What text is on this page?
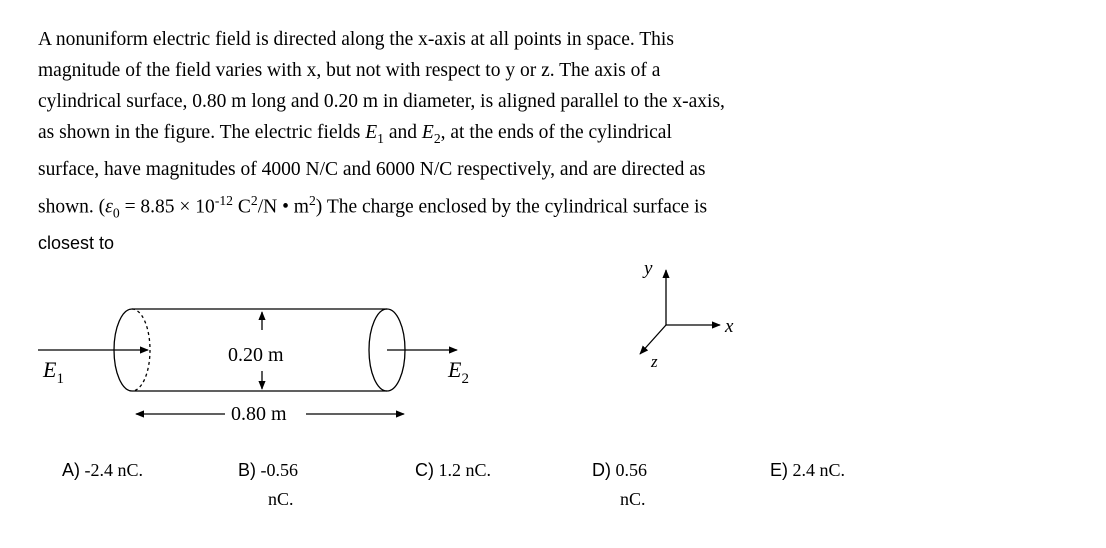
A nonuniform electric field is directed along the x-axis at all points in space. This
magnitude of the field varies with x, but not with respect to y or z. The axis of a
cylindrical surface, 0.80 m long and 0.20 m in diameter, is aligned parallel to the x-axis,
as shown in the figure. The electric fields $E_1$ and $E_2$, at the ends of the cylindrical
surface, have magnitudes of 4000 N/C and 6000 N/C respectively, and are directed as
shown. ($\varepsilon_0 = 8.85 \times 10^{-12}$ $C^2/N$ • $m^2$) The charge enclosed by the cylindrical surface is
closest to
$E_1$	$E_2$
0.20 m
0.80 m
y
x
z
A) -2.4 nC.	B) -0.56
nC.
C) 1.2 nC.	D) 0.56
nC.
E) 2.4 nC.
